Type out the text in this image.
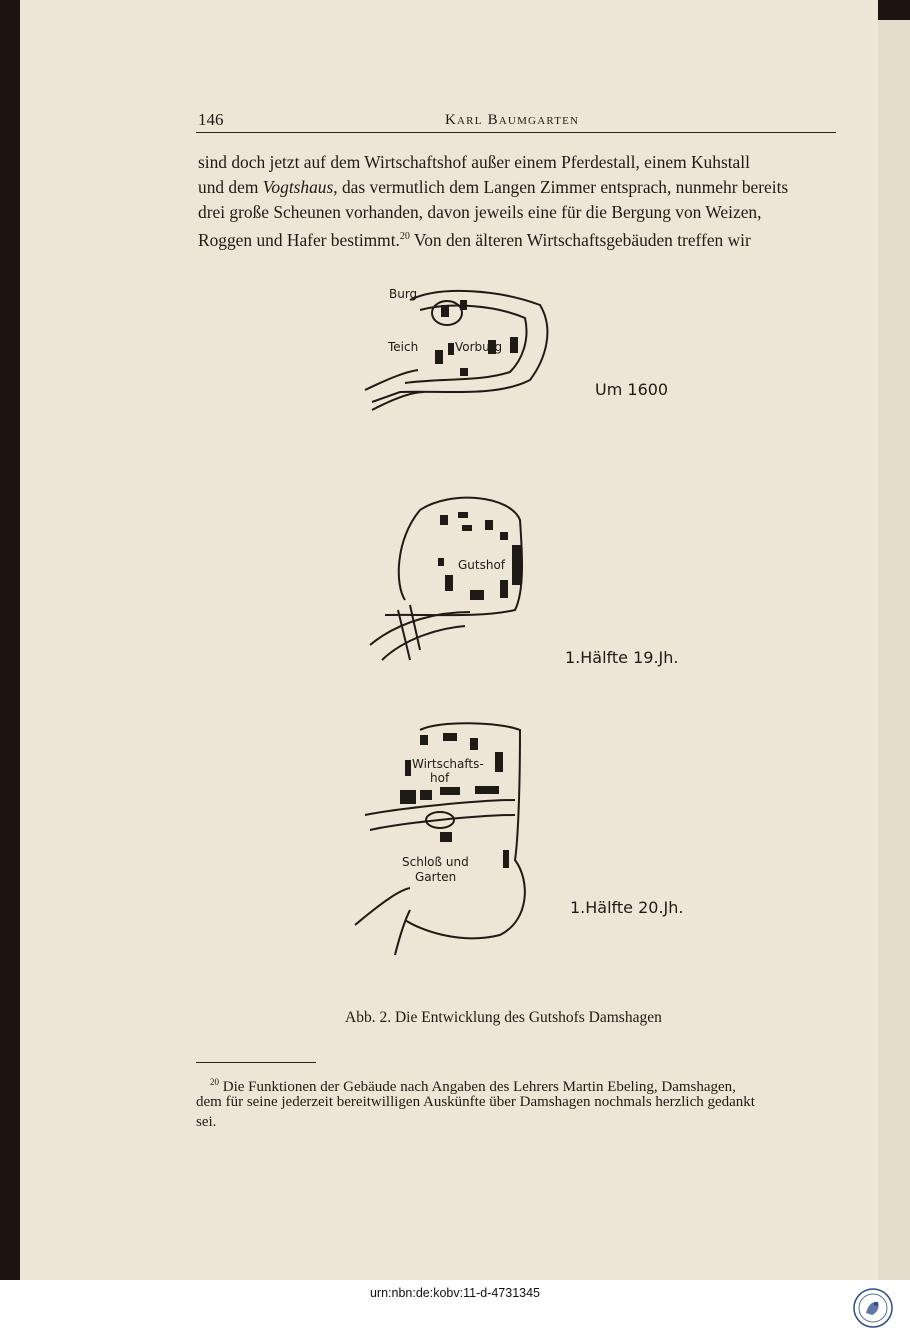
146	Karl Baumgarten
sind doch jetzt auf dem Wirtschaftshof außer einem Pferdestall, einem Kuhstall
und dem Vogtshaus, das vermutlich dem Langen Zimmer entsprach, nunmehr bereits
drei große Scheunen vorhanden, davon jeweils eine für die Bergung von Weizen,
Roggen und Hafer bestimmt.$^{20}$ Von den älteren Wirtschaftsgebäuden treffen wir
Burg
Teich	Vorburg
Um 1600
Gutshof
1.Hälfte 19.Jh.
Wirtschafts-
hof
Schloß und
Garten
1.Hälfte 20.Jh.
Abb. 2. Die Entwicklung des Gutshofs Damshagen
$^{20}$ Die Funktionen der Gebäude nach Angaben des Lehrers Martin Ebeling, Damshagen,
dem für seine jederzeit bereitwilligen Auskünfte über Damshagen nochmals herzlich gedankt
sei.
urn:nbn:de:kobv:11-d-4731345
